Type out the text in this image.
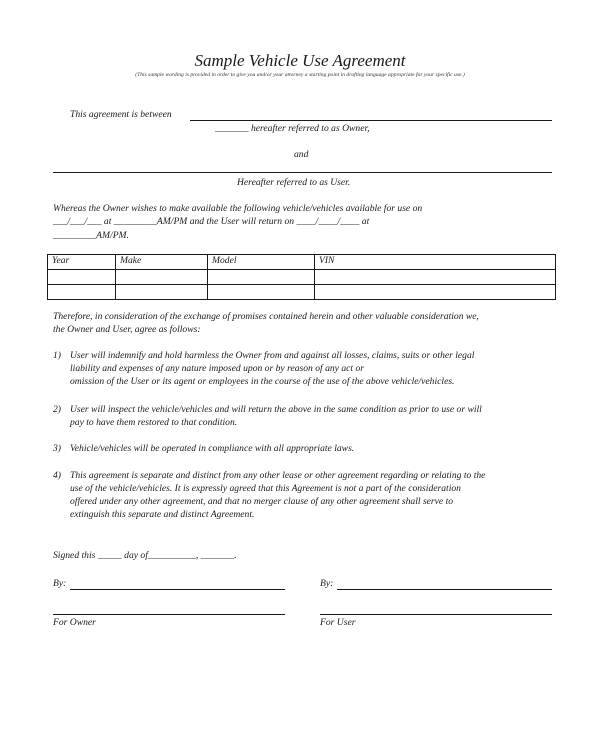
Sample Vehicle Use Agreement
(This sample wording is provided in order to give you and/or your attorney a starting point in drafting language appropriate for your specific use.)
This agreement is between
_______ hereafter referred to as Owner,
and
Hereafter referred to as User.
Whereas the Owner wishes to make available the following vehicle/vehicles available for use on
___/___/___ at _________AM/PM and the User will return on ____/____/____ at
_________AM/PM.
Year	Make	Model	VIN

Therefore, in consideration of the exchange of promises contained herein and other valuable consideration we,
the Owner and User, agree as follows:
1) User will indemnify and hold harmless the Owner from and against all losses, claims, suits or other legal
liability and expenses of any nature imposed upon or by reason of any act or
omission of the User or its agent or employees in the course of the use of the above vehicle/vehicles.
2) User will inspect the vehicle/vehicles and will return the above in the same condition as prior to use or will
pay to have them restored to that condition.
3) Vehicle/vehicles will be operated in compliance with all appropriate laws.
4) This agreement is separate and distinct from any other lease or other agreement regarding or relating to the
use of the vehicle/vehicles. It is expressly agreed that this Agreement is not a part of the consideration
offered under any other agreement, and that no merger clause of any other agreement shall serve to
extinguish this separate and distinct Agreement.
Signed this _____ day of__________, _______.
By:	By:
For Owner	For User
